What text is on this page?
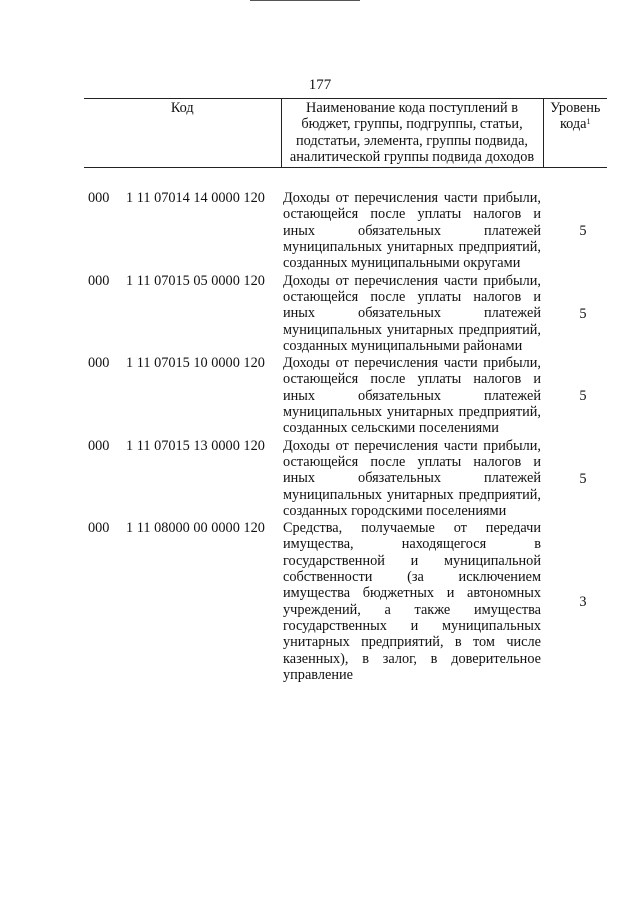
177
Код	Наименование кода поступлений в бюджет, группы, подгруппы, статьи, подстатьи, элемента, группы подвида, аналитической группы подвида доходов	Уровень кода$^1$

000 1 11 07014 14 0000 120	Доходы от перечисления части прибыли, остающейся после уплаты налогов и иных обязательных платежей муниципальных унитарных предприятий, созданных муниципальными округами	5
000 1 11 07015 05 0000 120	Доходы от перечисления части прибыли, остающейся после уплаты налогов и иных обязательных платежей муниципальных унитарных предприятий, созданных муниципальными районами	5
000 1 11 07015 10 0000 120	Доходы от перечисления части прибыли, остающейся после уплаты налогов и иных обязательных платежей муниципальных унитарных предприятий, созданных сельскими поселениями	5
000 1 11 07015 13 0000 120	Доходы от перечисления части прибыли, остающейся после уплаты налогов и иных обязательных платежей муниципальных унитарных предприятий, созданных городскими поселениями	5
000 1 11 08000 00 0000 120	Средства, получаемые от передачи имущества, находящегося в государственной и муниципальной собственности (за исключением имущества бюджетных и автономных учреждений, а также имущества государственных и муниципальных унитарных предприятий, в том числе казенных), в залог, в доверительное управление	3
